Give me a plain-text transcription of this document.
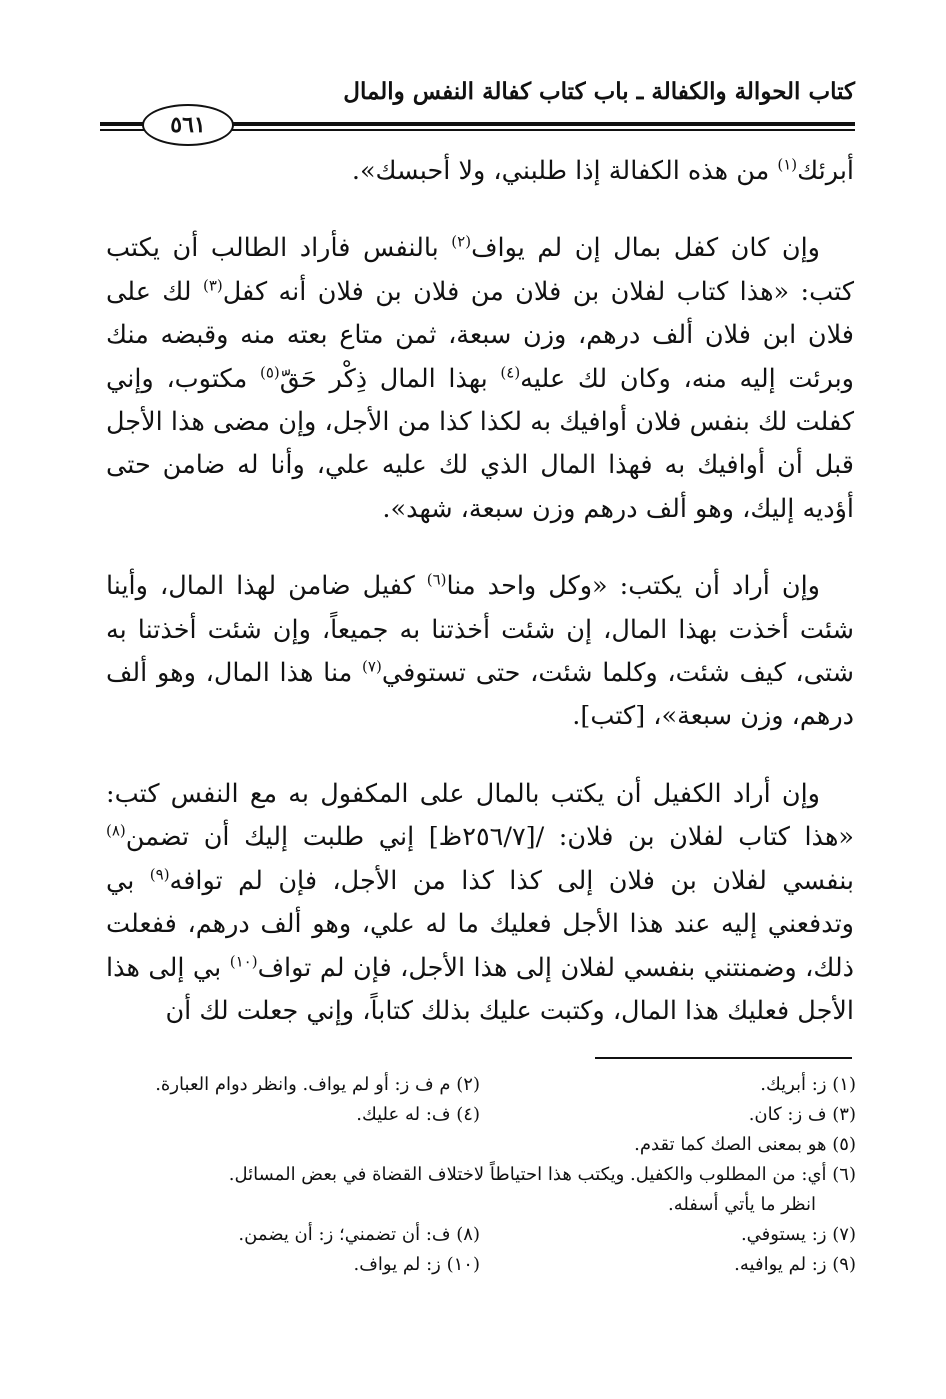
كتاب الحوالة والكفالة ـ باب كتاب كفالة النفس والمال
٥٦١

أبرئك$^{(١)}$ من هذه الكفالة إذا طلبني، ولا أحبسك».

وإن كان كفل بمال إن لم يواف$^{(٢)}$ بالنفس فأراد الطالب أن يكتب كتب: «هذا كتاب لفلان بن فلان من فلان بن فلان أنه كفل$^{(٣)}$ لك على فلان ابن فلان ألف درهم، وزن سبعة، ثمن متاع بعته منه وقبضه منك وبرئت إليه منه، وكان لك عليه$^{(٤)}$ بهذا المال ذِكْر حَقّ$^{(٥)}$ مكتوب، وإني كفلت لك بنفس فلان أوافيك به لكذا كذا من الأجل، وإن مضى هذا الأجل قبل أن أوافيك به فهذا المال الذي لك عليه علي، وأنا له ضامن حتى أؤديه إليك، وهو ألف درهم وزن سبعة، شهد».

وإن أراد أن يكتب: «وكل واحد منا$^{(٦)}$ كفيل ضامن لهذا المال، وأينا شئت أخذت بهذا المال، إن شئت أخذتنا به جميعاً، وإن شئت أخذتنا به شتى، كيف شئت، وكلما شئت، حتى تستوفي$^{(٧)}$ منا هذا المال، وهو ألف درهم، وزن سبعة»، [كتب].

وإن أراد الكفيل أن يكتب بالمال على المكفول به مع النفس كتب: «هذا كتاب لفلان بن فلان: /[٢٥٦/٧ظ] إني طلبت إليك أن تضمن$^{(٨)}$ بنفسي لفلان بن فلان إلى كذا كذا من الأجل، فإن لم توافه$^{(٩)}$ بي وتدفعني إليه عند هذا الأجل فعليك ما له علي، وهو ألف درهم، ففعلت ذلك، وضمنتني بنفسي لفلان إلى هذا الأجل، فإن لم تواف$^{(١٠)}$ بي إلى هذا الأجل فعليك هذا المال، وكتبت عليك بذلك كتاباً، وإني جعلت لك أن

(١) ز: أبريك.
(٢) م ف ز: أو لم يواف. وانظر دوام العبارة.
(٣) ف ز: كان.
(٤) ف: له عليك.
(٥) هو بمعنى الصك كما تقدم.
(٦) أي: من المطلوب والكفيل. ويكتب هذا احتياطاً لاختلاف القضاة في بعض المسائل.
انظر ما يأتي أسفله.
(٧) ز: يستوفي.
(٨) ف: أن تضمني؛ ز: أن يضمن.
(٩) ز: لم يوافيه.
(١٠) ز: لم يواف.
